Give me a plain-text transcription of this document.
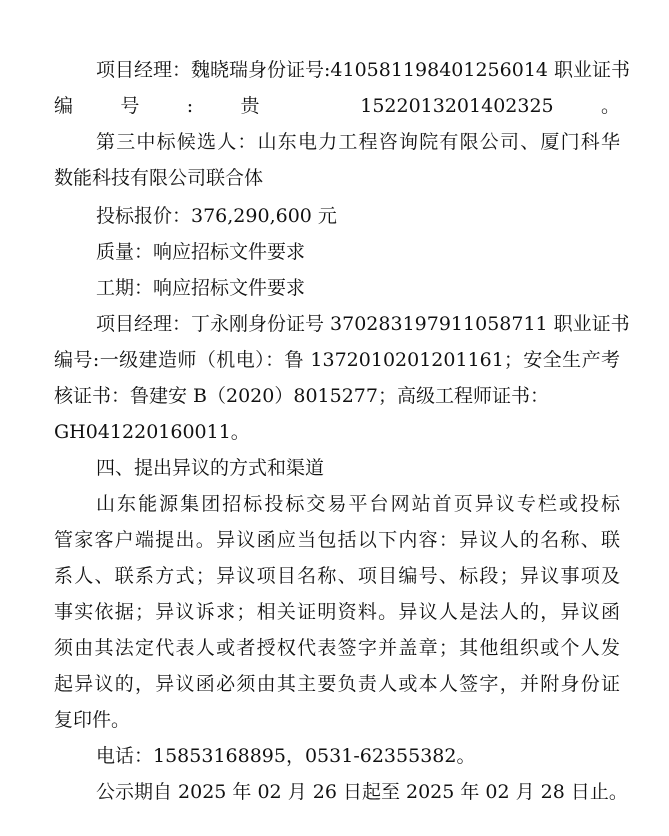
项目经理：魏晓瑞身份证号:410581198401256014 职业证书
编号:贵 1522013201402325。
第三中标候选人：山东电力工程咨询院有限公司、厦门科华
数能科技有限公司联合体
投标报价：376,290,600 元
质量：响应招标文件要求
工期：响应招标文件要求
项目经理：丁永刚身份证号 370283197911058711 职业证书
编号:一级建造师（机电）：鲁 1372010201201161；安全生产考
核证书：鲁建安 B（2020）8015277；高级工程师证书：
GH041220160011。
四、提出异议的方式和渠道
山东能源集团招标投标交易平台网站首页异议专栏或投标
管家客户端提出。异议函应当包括以下内容：异议人的名称、联
系人、联系方式；异议项目名称、项目编号、标段；异议事项及
事实依据；异议诉求；相关证明资料。异议人是法人的，异议函
须由其法定代表人或者授权代表签字并盖章；其他组织或个人发
起异议的，异议函必须由其主要负责人或本人签字，并附身份证
复印件。
电话：15853168895，0531-62355382。
公示期自 2025 年 02 月 26 日起至 2025 年 02 月 28 日止。
